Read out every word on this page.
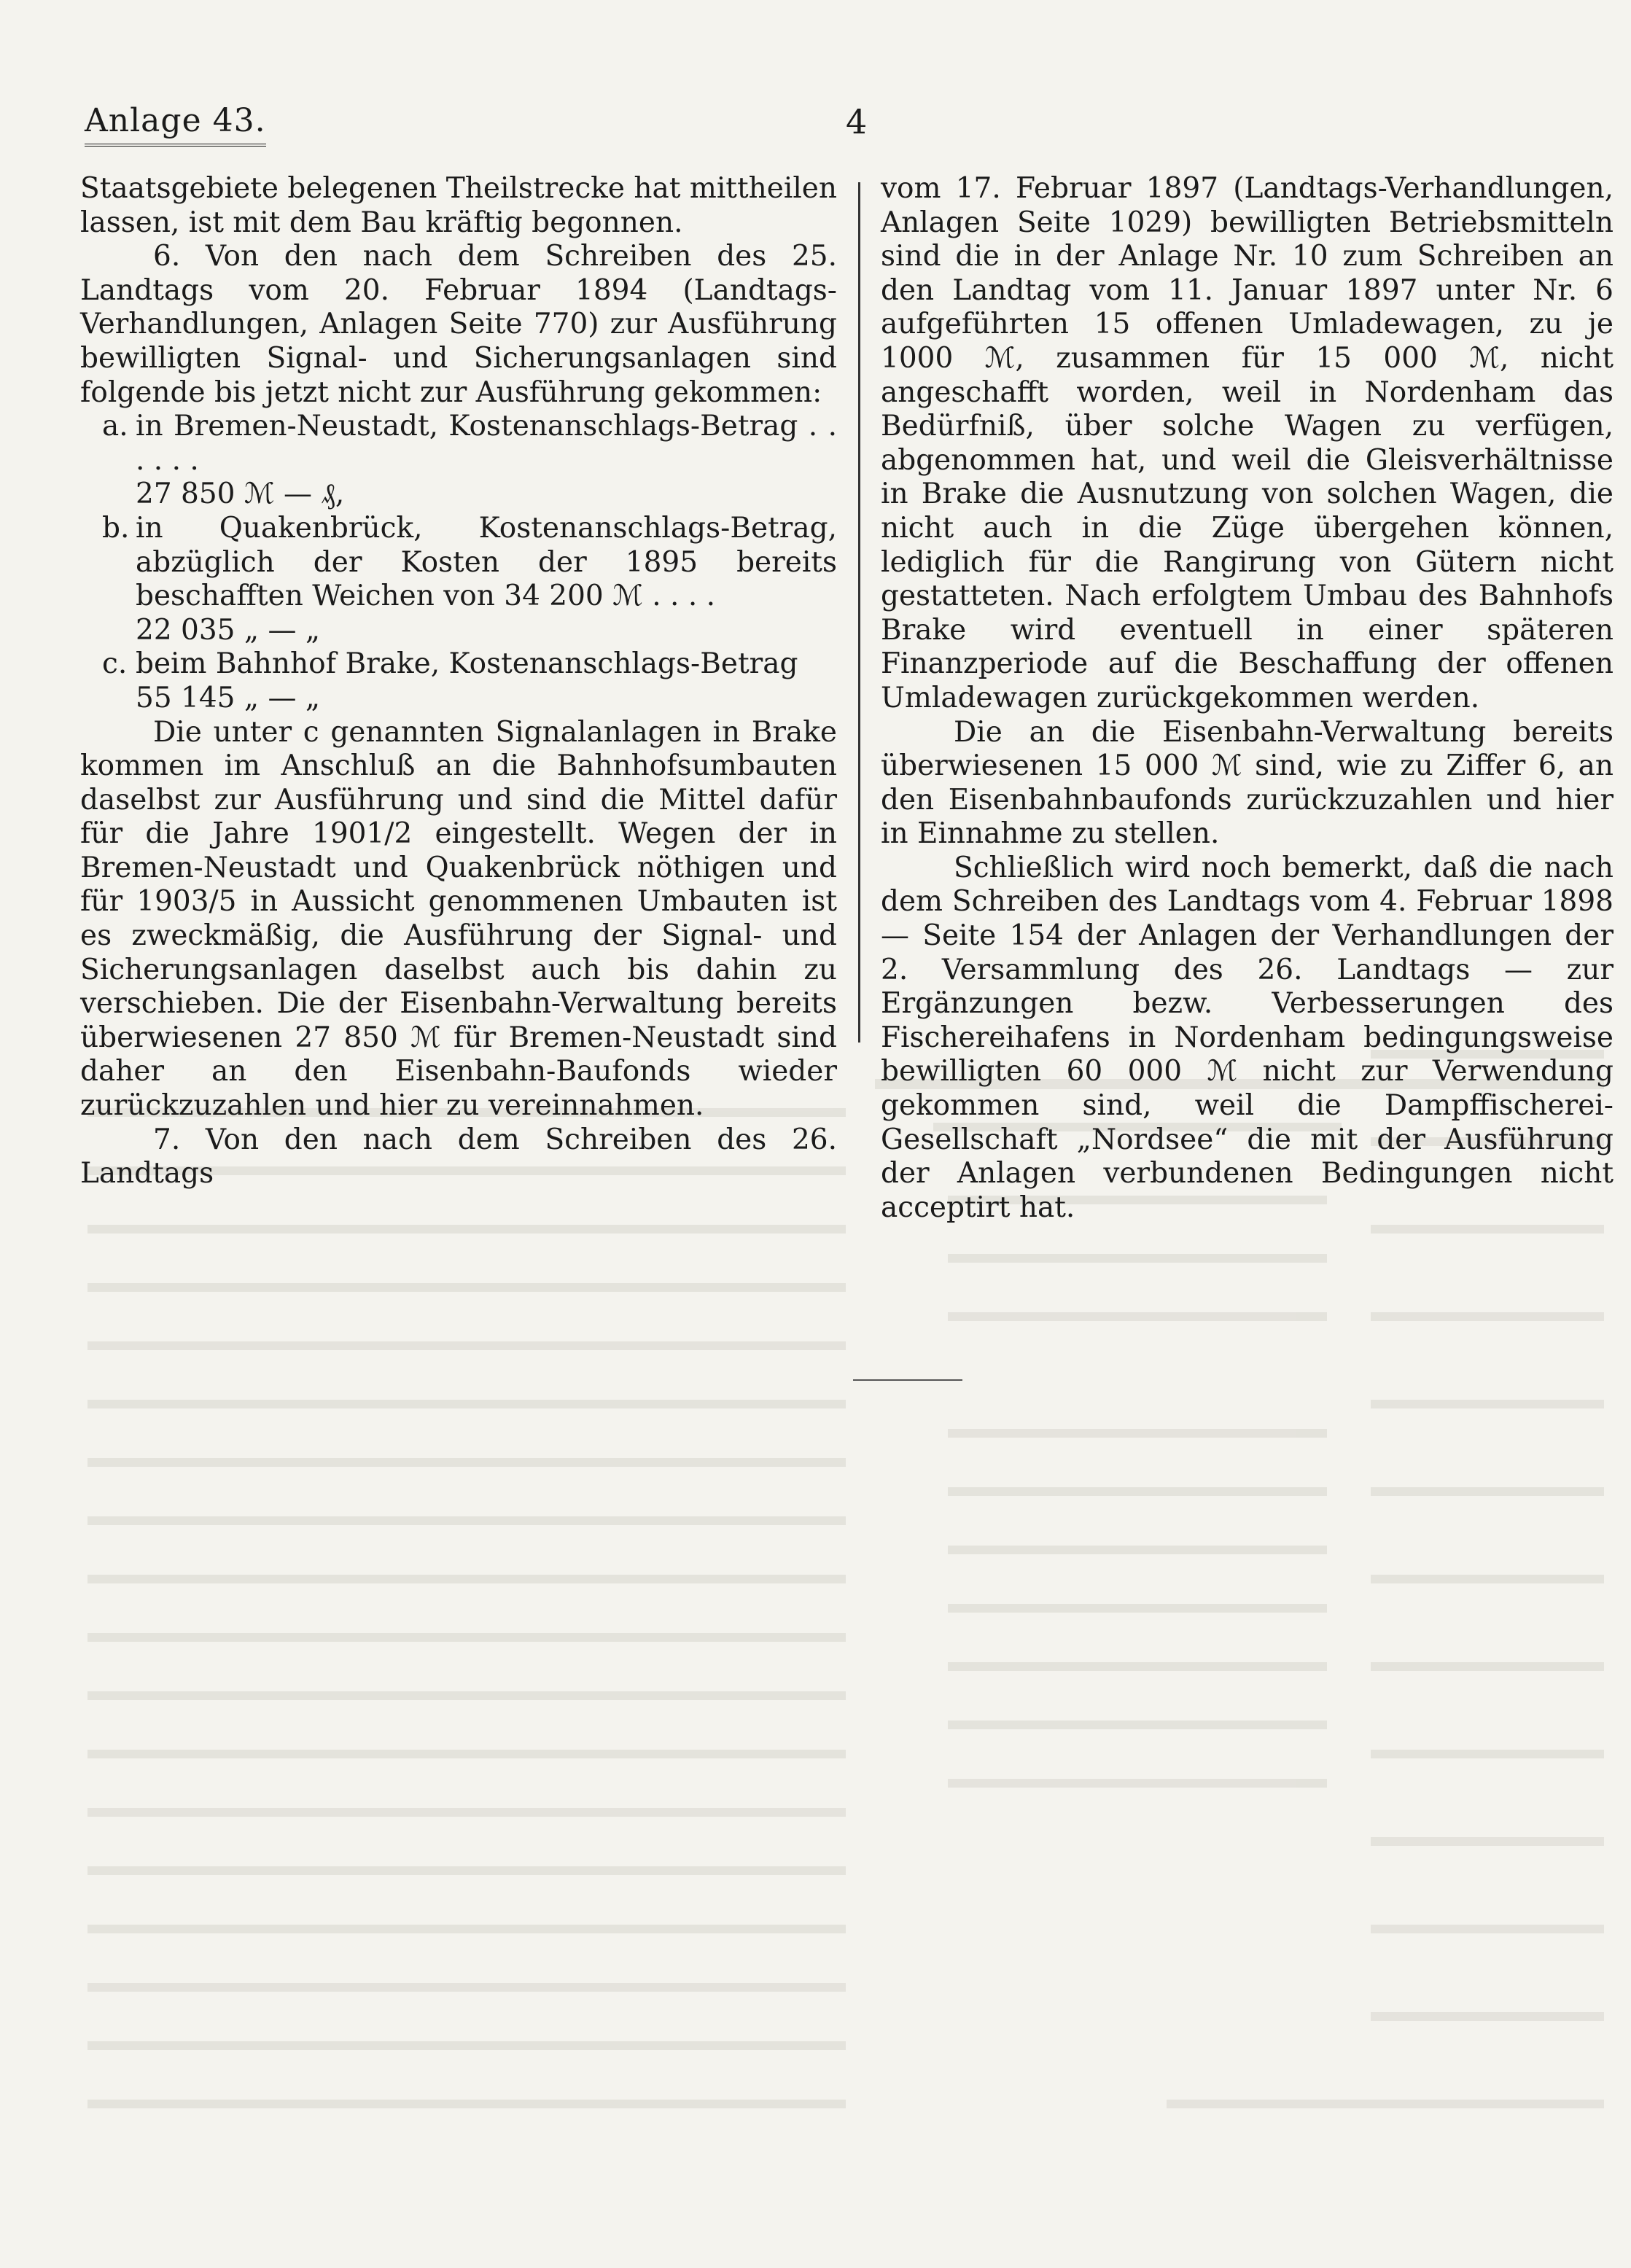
Anlage 43.	4

Staatsgebiete belegenen Theilstrecke hat mittheilen lassen, ist mit dem Bau kräftig begonnen.

6. Von den nach dem Schreiben des 25. Landtags vom 20. Februar 1894 (Landtags-Verhandlungen, Anlagen Seite 770) zur Ausführung bewilligten Signal- und Sicherungsanlagen sind folgende bis jetzt nicht zur Ausführung gekommen:

a. in Bremen-Neustadt, Kostenanschlags-Betrag . . . . . .
27 850 ℳ — ₰,
b. in Quakenbrück, Kostenanschlags-Betrag, abzüglich der Kosten der 1895 bereits beschafften Weichen von 34 200 ℳ . . . .
22 035 „ — „
c. beim Bahnhof Brake, Kostenanschlags-Betrag
55 145 „ — „

Die unter c genannten Signalanlagen in Brake kommen im Anschluß an die Bahnhofsumbauten daselbst zur Ausführung und sind die Mittel dafür für die Jahre 1901/2 eingestellt. Wegen der in Bremen-Neustadt und Quakenbrück nöthigen und für 1903/5 in Aussicht genommenen Umbauten ist es zweckmäßig, die Ausführung der Signal- und Sicherungsanlagen daselbst auch bis dahin zu verschieben. Die der Eisenbahn-Verwaltung bereits überwiesenen 27 850 ℳ für Bremen-Neustadt sind daher an den Eisenbahn-Baufonds wieder zurückzuzahlen und hier zu vereinnahmen.

7. Von den nach dem Schreiben des 26. Landtags

vom 17. Februar 1897 (Landtags-Verhandlungen, Anlagen Seite 1029) bewilligten Betriebsmitteln sind die in der Anlage Nr. 10 zum Schreiben an den Landtag vom 11. Januar 1897 unter Nr. 6 aufgeführten 15 offenen Umladewagen, zu je 1000 ℳ, zusammen für 15 000 ℳ, nicht angeschafft worden, weil in Nordenham das Bedürfniß, über solche Wagen zu verfügen, abgenommen hat, und weil die Gleisverhältnisse in Brake die Ausnutzung von solchen Wagen, die nicht auch in die Züge übergehen können, lediglich für die Rangirung von Gütern nicht gestatteten. Nach erfolgtem Umbau des Bahnhofs Brake wird eventuell in einer späteren Finanzperiode auf die Beschaffung der offenen Umladewagen zurückgekommen werden.

Die an die Eisenbahn-Verwaltung bereits überwiesenen 15 000 ℳ sind, wie zu Ziffer 6, an den Eisenbahnbaufonds zurückzuzahlen und hier in Einnahme zu stellen.

Schließlich wird noch bemerkt, daß die nach dem Schreiben des Landtags vom 4. Februar 1898 — Seite 154 der Anlagen der Verhandlungen der 2. Versammlung des 26. Landtags — zur Ergänzungen bezw. Verbesserungen des Fischereihafens in Nordenham bedingungsweise bewilligten 60 000 ℳ nicht zur Verwendung gekommen sind, weil die Dampffischerei-Gesellschaft „Nordsee“ die mit der Ausführung der Anlagen verbundenen Bedingungen nicht acceptirt hat.
